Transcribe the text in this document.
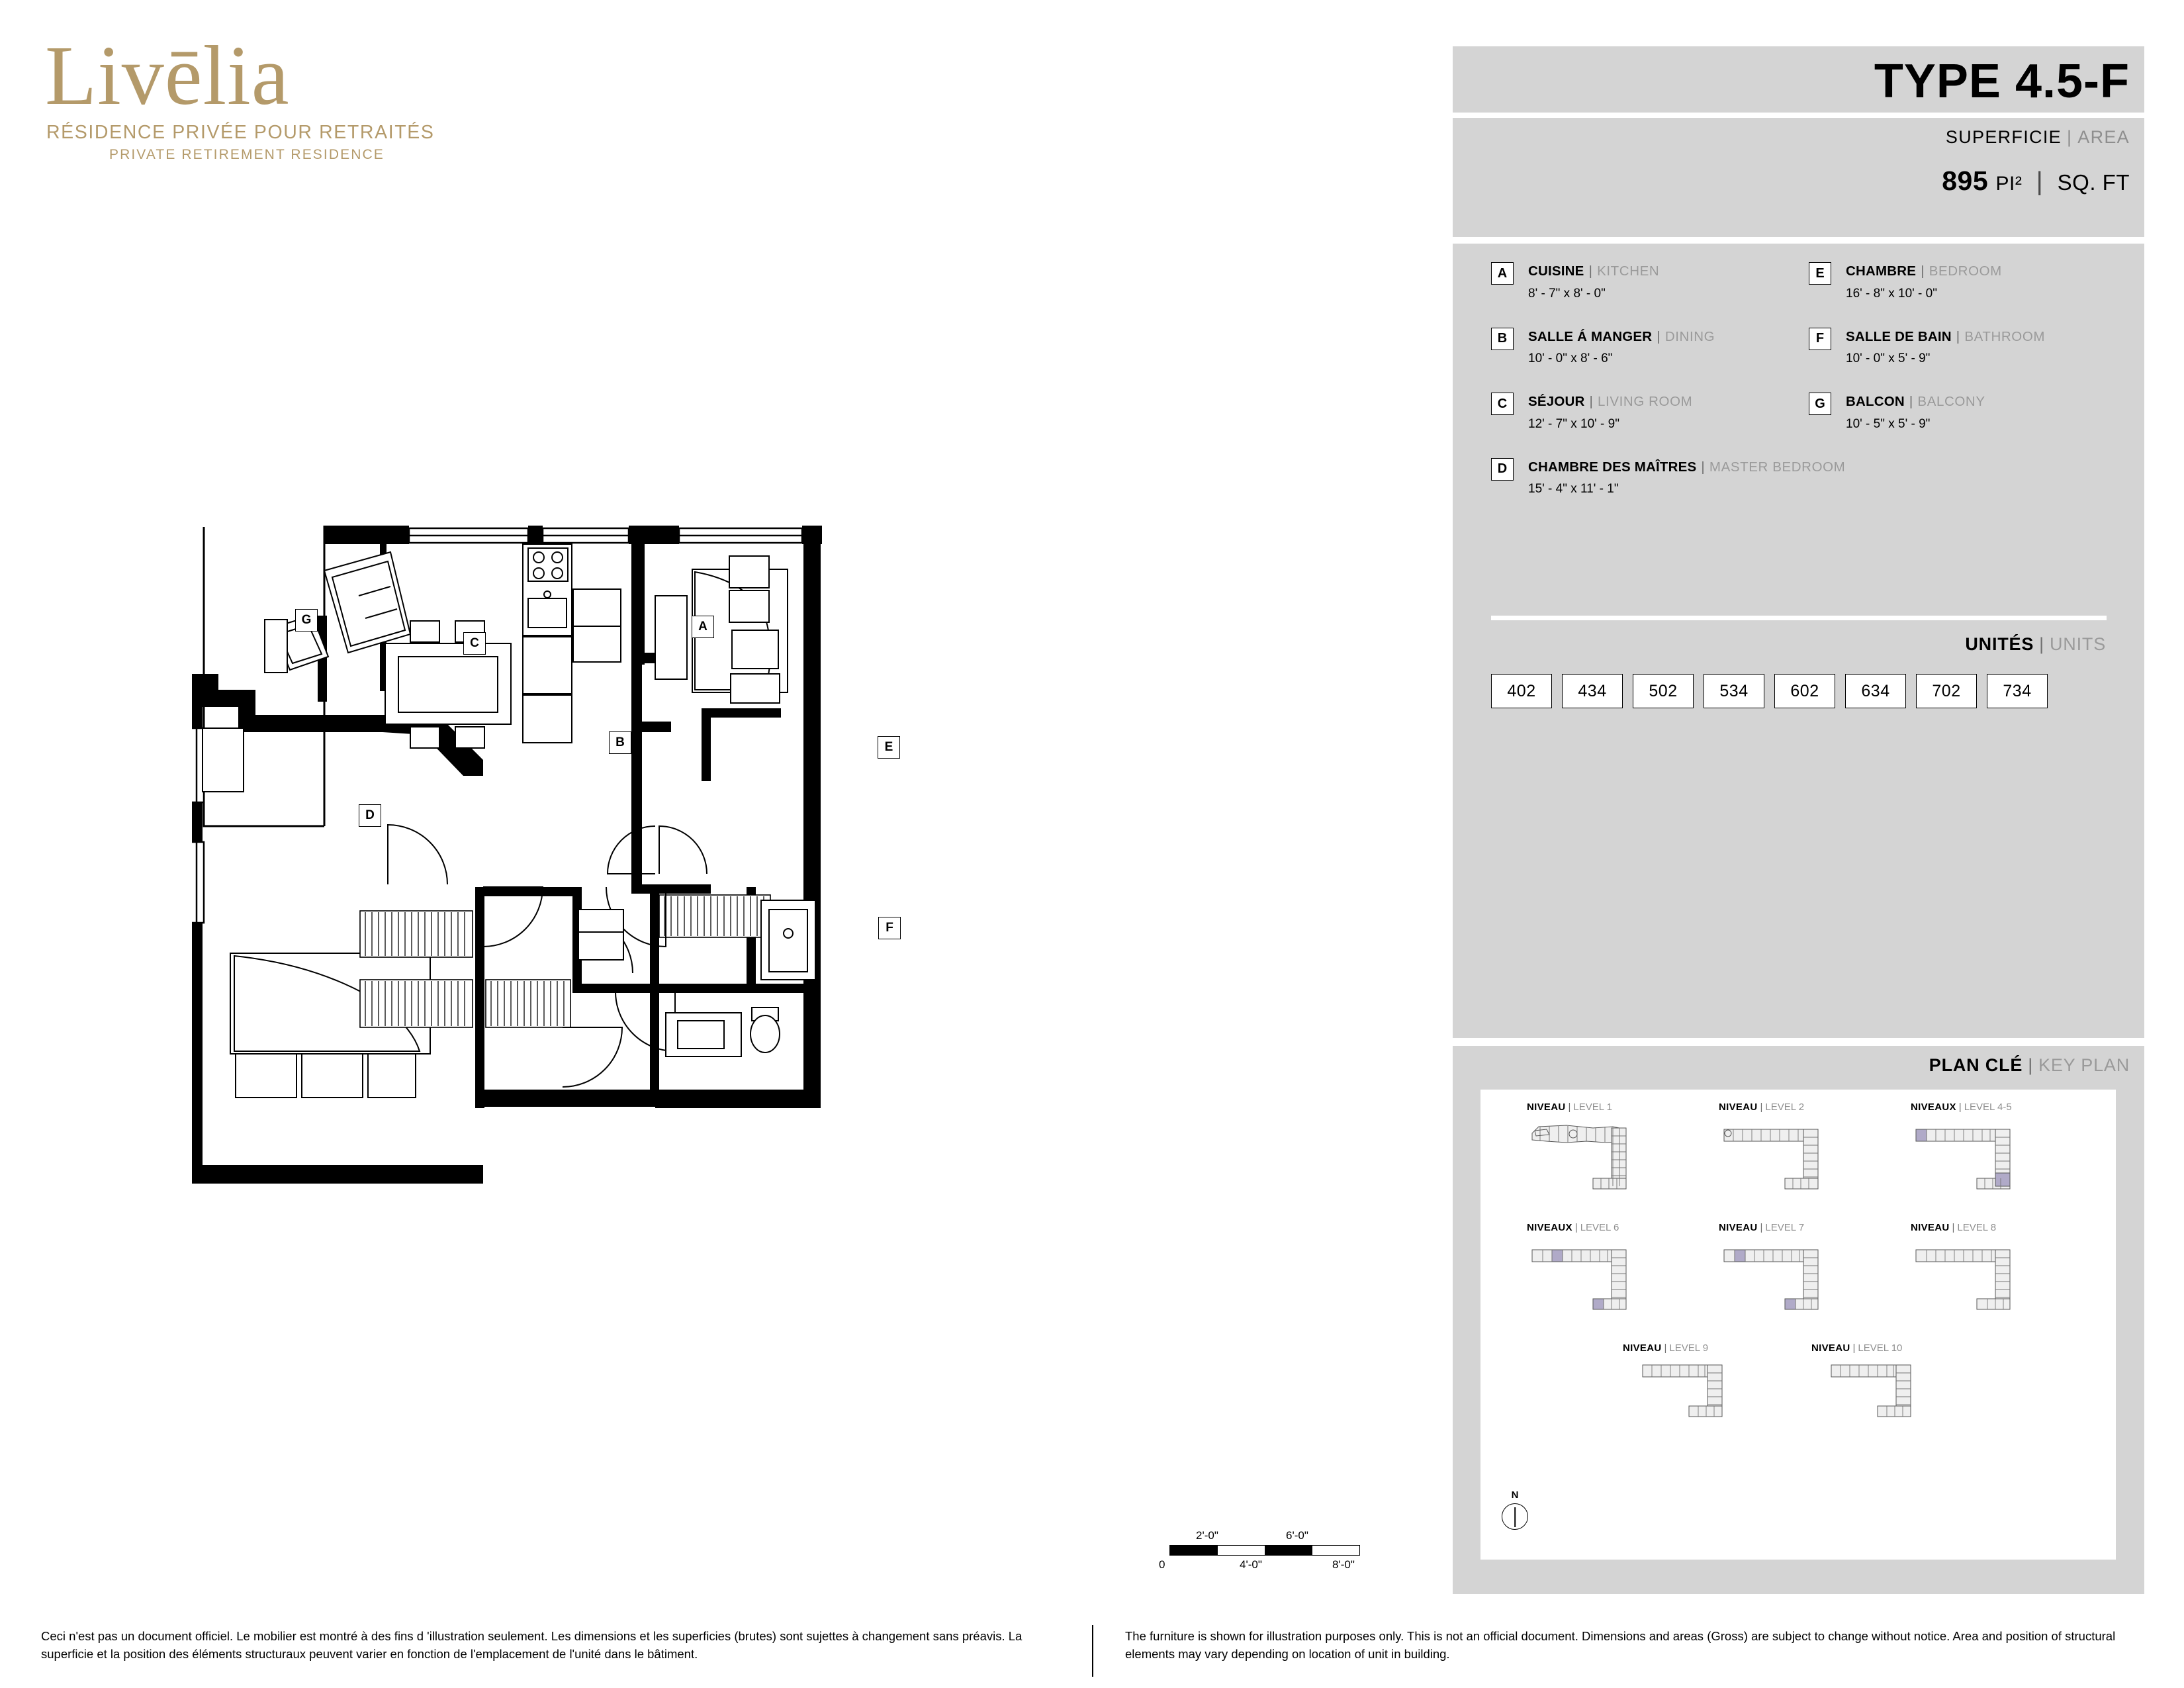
Livēlia
RÉSIDENCE PRIVÉE POUR RETRAITÉS
PRIVATE RETIREMENT RESIDENCE
TYPE 4.5-F
SUPERFICIE | AREA
895 PI² | SQ. FT
A	CUISINE | KITCHEN
8' - 7" x 8' - 0"
B	SALLE Á MANGER | DINING
10' - 0" x 8' - 6"
C	SÉJOUR | LIVING ROOM
12' - 7" x 10' - 9"
D	CHAMBRE DES MAÎTRES | MASTER BEDROOM
15' - 4" x 11' - 1"
E	CHAMBRE | BEDROOM
16' - 8" x 10' - 0"
F	SALLE DE BAIN | BATHROOM
10' - 0" x 5' - 9"
G	BALCON | BALCONY
10' - 5" x 5' - 9"
UNITÉS | UNITS
402	434	502	534	602	634	702	734
PLAN CLÉ | KEY PLAN
NIVEAU | LEVEL 1	NIVEAU | LEVEL 2	NIVEAUX | LEVEL 4-5
NIVEAUX | LEVEL 6	NIVEAU | LEVEL 7	NIVEAU | LEVEL 8
NIVEAU | LEVEL 9	NIVEAU | LEVEL 10
N
A
B
C
D
E
F
G
2'-0"	6'-0"
0	4'-0"	8'-0"
Ceci n'est pas un document officiel. Le mobilier est montré à des fins d 'illustration seulement. Les dimensions et les superficies (brutes) sont sujettes à changement sans préavis. La superficie et la position des éléments structuraux peuvent varier en fonction de l'emplacement de l'unité dans le bâtiment.
The furniture is shown for illustration purposes only. This is not an official document. Dimensions and areas (Gross) are subject to change without notice. Area and position of structural elements may vary depending on location of unit in building.
